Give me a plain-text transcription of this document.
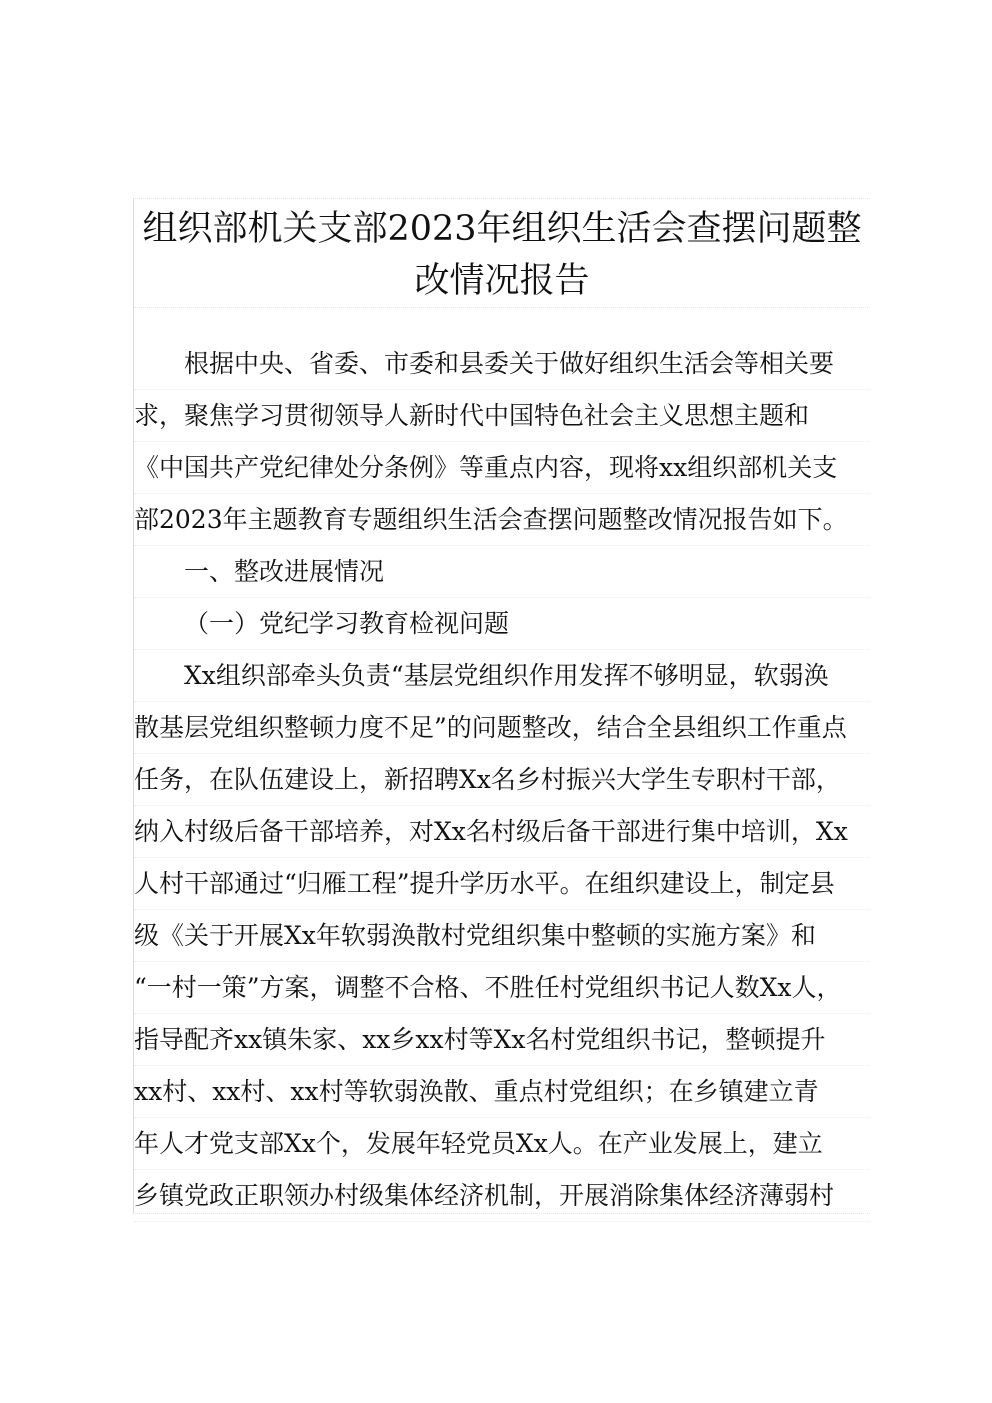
组织部机关支部2023年组织生活会查摆问题整
改情况报告
根据中央、省委、市委和县委关于做好组织生活会等相关要
求，聚焦学习贯彻领导人新时代中国特色社会主义思想主题和
《中国共产党纪律处分条例》等重点内容，现将xx组织部机关支
部2023年主题教育专题组织生活会查摆问题整改情况报告如下。
一、整改进展情况
（一）党纪学习教育检视问题
Xx组织部牵头负责“基层党组织作用发挥不够明显，软弱涣
散基层党组织整顿力度不足”的问题整改，结合全县组织工作重点
任务，在队伍建设上，新招聘Xx名乡村振兴大学生专职村干部，
纳入村级后备干部培养，对Xx名村级后备干部进行集中培训，Xx
人村干部通过“归雁工程”提升学历水平。在组织建设上，制定县
级《关于开展Xx年软弱涣散村党组织集中整顿的实施方案》和
“一村一策”方案，调整不合格、不胜任村党组织书记人数Xx人，
指导配齐xx镇朱家、xx乡xx村等Xx名村党组织书记，整顿提升
xx村、xx村、xx村等软弱涣散、重点村党组织；在乡镇建立青
年人才党支部Xx个，发展年轻党员Xx人。在产业发展上，建立
乡镇党政正职领办村级集体经济机制，开展消除集体经济薄弱村
